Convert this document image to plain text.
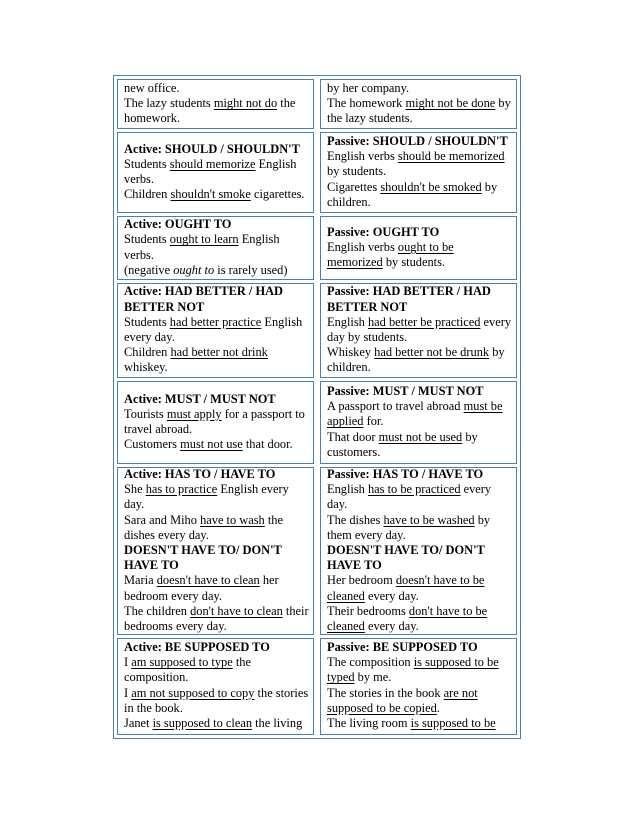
new office.
The lazy students might not do the
homework.
by her company.
The homework might not be done by
the lazy students.
Active: SHOULD / SHOULDN'T
Students should memorize English
verbs.
Children shouldn't smoke cigarettes.
Passive: SHOULD / SHOULDN'T
English verbs should be memorized
by students.
Cigarettes shouldn't be smoked by
children.
Active: OUGHT TO
Students ought to learn English
verbs.
(negative ought to is rarely used)
Passive: OUGHT TO
English verbs ought to be
memorized by students.
Active: HAD BETTER / HAD
BETTER NOT
Students had better practice English
every day.
Children had better not drink
whiskey.
Passive: HAD BETTER / HAD
BETTER NOT
English had better be practiced every
day by students.
Whiskey had better not be drunk by
children.
Active: MUST / MUST NOT
Tourists must apply for a passport to
travel abroad.
Customers must not use that door.
Passive: MUST / MUST NOT
A passport to travel abroad must be
applied for.
That door must not be used by
customers.
Active: HAS TO / HAVE TO
She has to practice English every
day.
Sara and Miho have to wash the
dishes every day.
DOESN'T HAVE TO/ DON'T
HAVE TO
Maria doesn't have to clean her
bedroom every day.
The children don't have to clean their
bedrooms every day.
Passive: HAS TO / HAVE TO
English has to be practiced every
day.
The dishes have to be washed by
them every day.
DOESN'T HAVE TO/ DON'T
HAVE TO
Her bedroom doesn't have to be
cleaned every day.
Their bedrooms don't have to be
cleaned every day.
Active: BE SUPPOSED TO
I am supposed to type the
composition.
I am not supposed to copy the stories
in the book.
Janet is supposed to clean the living
Passive: BE SUPPOSED TO
The composition is supposed to be
typed by me.
The stories in the book are not
supposed to be copied.
The living room is supposed to be
